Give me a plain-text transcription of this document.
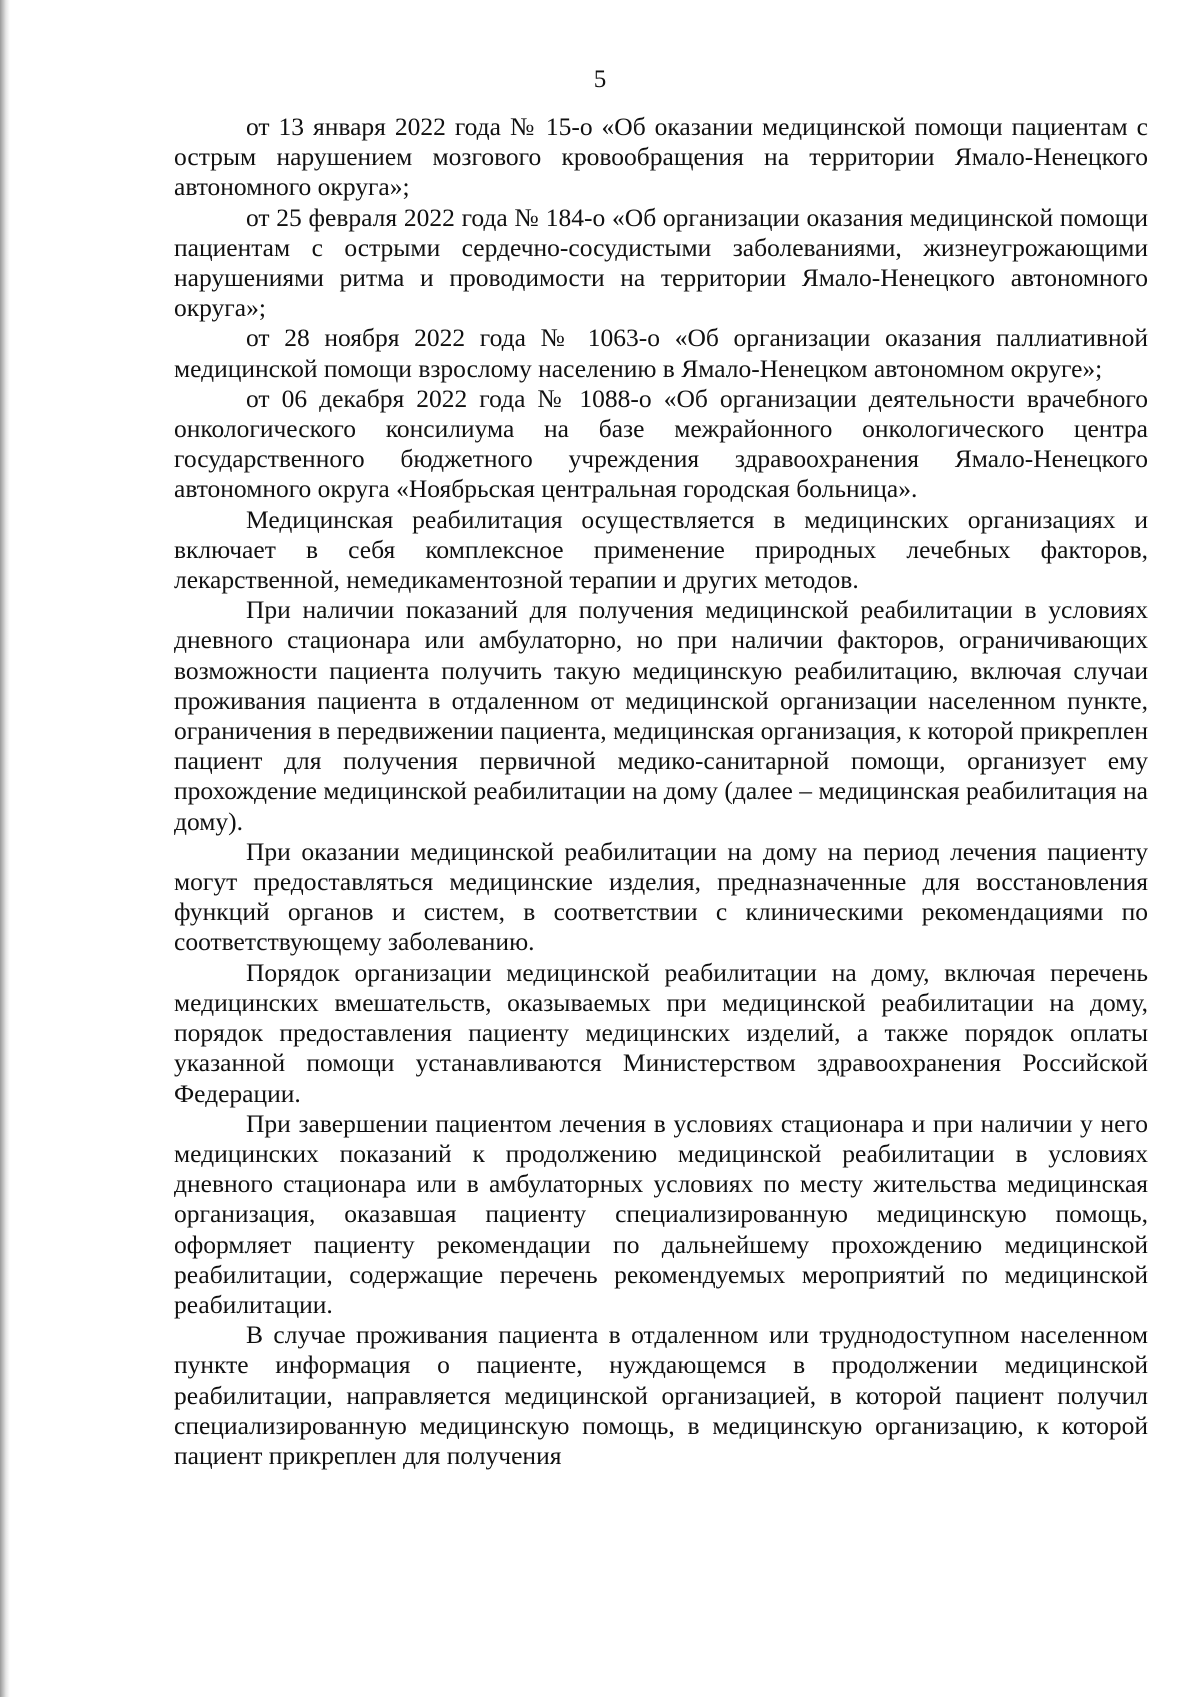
5

от 13 января 2022 года № 15-о «Об оказании медицинской помощи пациентам с острым нарушением мозгового кровообращения на территории Ямало-Ненецкого автономного округа»;

от 25 февраля 2022 года № 184-о «Об организации оказания медицинской помощи пациентам с острыми сердечно-сосудистыми заболеваниями, жизнеугрожающими нарушениями ритма и проводимости на территории Ямало-Ненецкого автономного округа»;

от 28 ноября 2022 года № 1063-о «Об организации оказания паллиативной медицинской помощи взрослому населению в Ямало-Ненецком автономном округе»;

от 06 декабря 2022 года № 1088-о «Об организации деятельности врачебного онкологического консилиума на базе межрайонного онкологического центра государственного бюджетного учреждения здравоохранения Ямало-Ненецкого автономного округа «Ноябрьская центральная городская больница».

Медицинская реабилитация осуществляется в медицинских организациях и включает в себя комплексное применение природных лечебных факторов, лекарственной, немедикаментозной терапии и других методов.

При наличии показаний для получения медицинской реабилитации в условиях дневного стационара или амбулаторно, но при наличии факторов, ограничивающих возможности пациента получить такую медицинскую реабилитацию, включая случаи проживания пациента в отдаленном от медицинской организации населенном пункте, ограничения в передвижении пациента, медицинская организация, к которой прикреплен пациент для получения первичной медико-санитарной помощи, организует ему прохождение медицинской реабилитации на дому (далее – медицинская реабилитация на дому).

При оказании медицинской реабилитации на дому на период лечения пациенту могут предоставляться медицинские изделия, предназначенные для восстановления функций органов и систем, в соответствии с клиническими рекомендациями по соответствующему заболеванию.

Порядок организации медицинской реабилитации на дому, включая перечень медицинских вмешательств, оказываемых при медицинской реабилитации на дому, порядок предоставления пациенту медицинских изделий, а также порядок оплаты указанной помощи устанавливаются Министерством здравоохранения Российской Федерации.

При завершении пациентом лечения в условиях стационара и при наличии у него медицинских показаний к продолжению медицинской реабилитации в условиях дневного стационара или в амбулаторных условиях по месту жительства медицинская организация, оказавшая пациенту специализированную медицинскую помощь, оформляет пациенту рекомендации по дальнейшему прохождению медицинской реабилитации, содержащие перечень рекомендуемых мероприятий по медицинской реабилитации.

В случае проживания пациента в отдаленном или труднодоступном населенном пункте информация о пациенте, нуждающемся в продолжении медицинской реабилитации, направляется медицинской организацией, в которой пациент получил специализированную медицинскую помощь, в медицинскую организацию, к которой пациент прикреплен для получения
